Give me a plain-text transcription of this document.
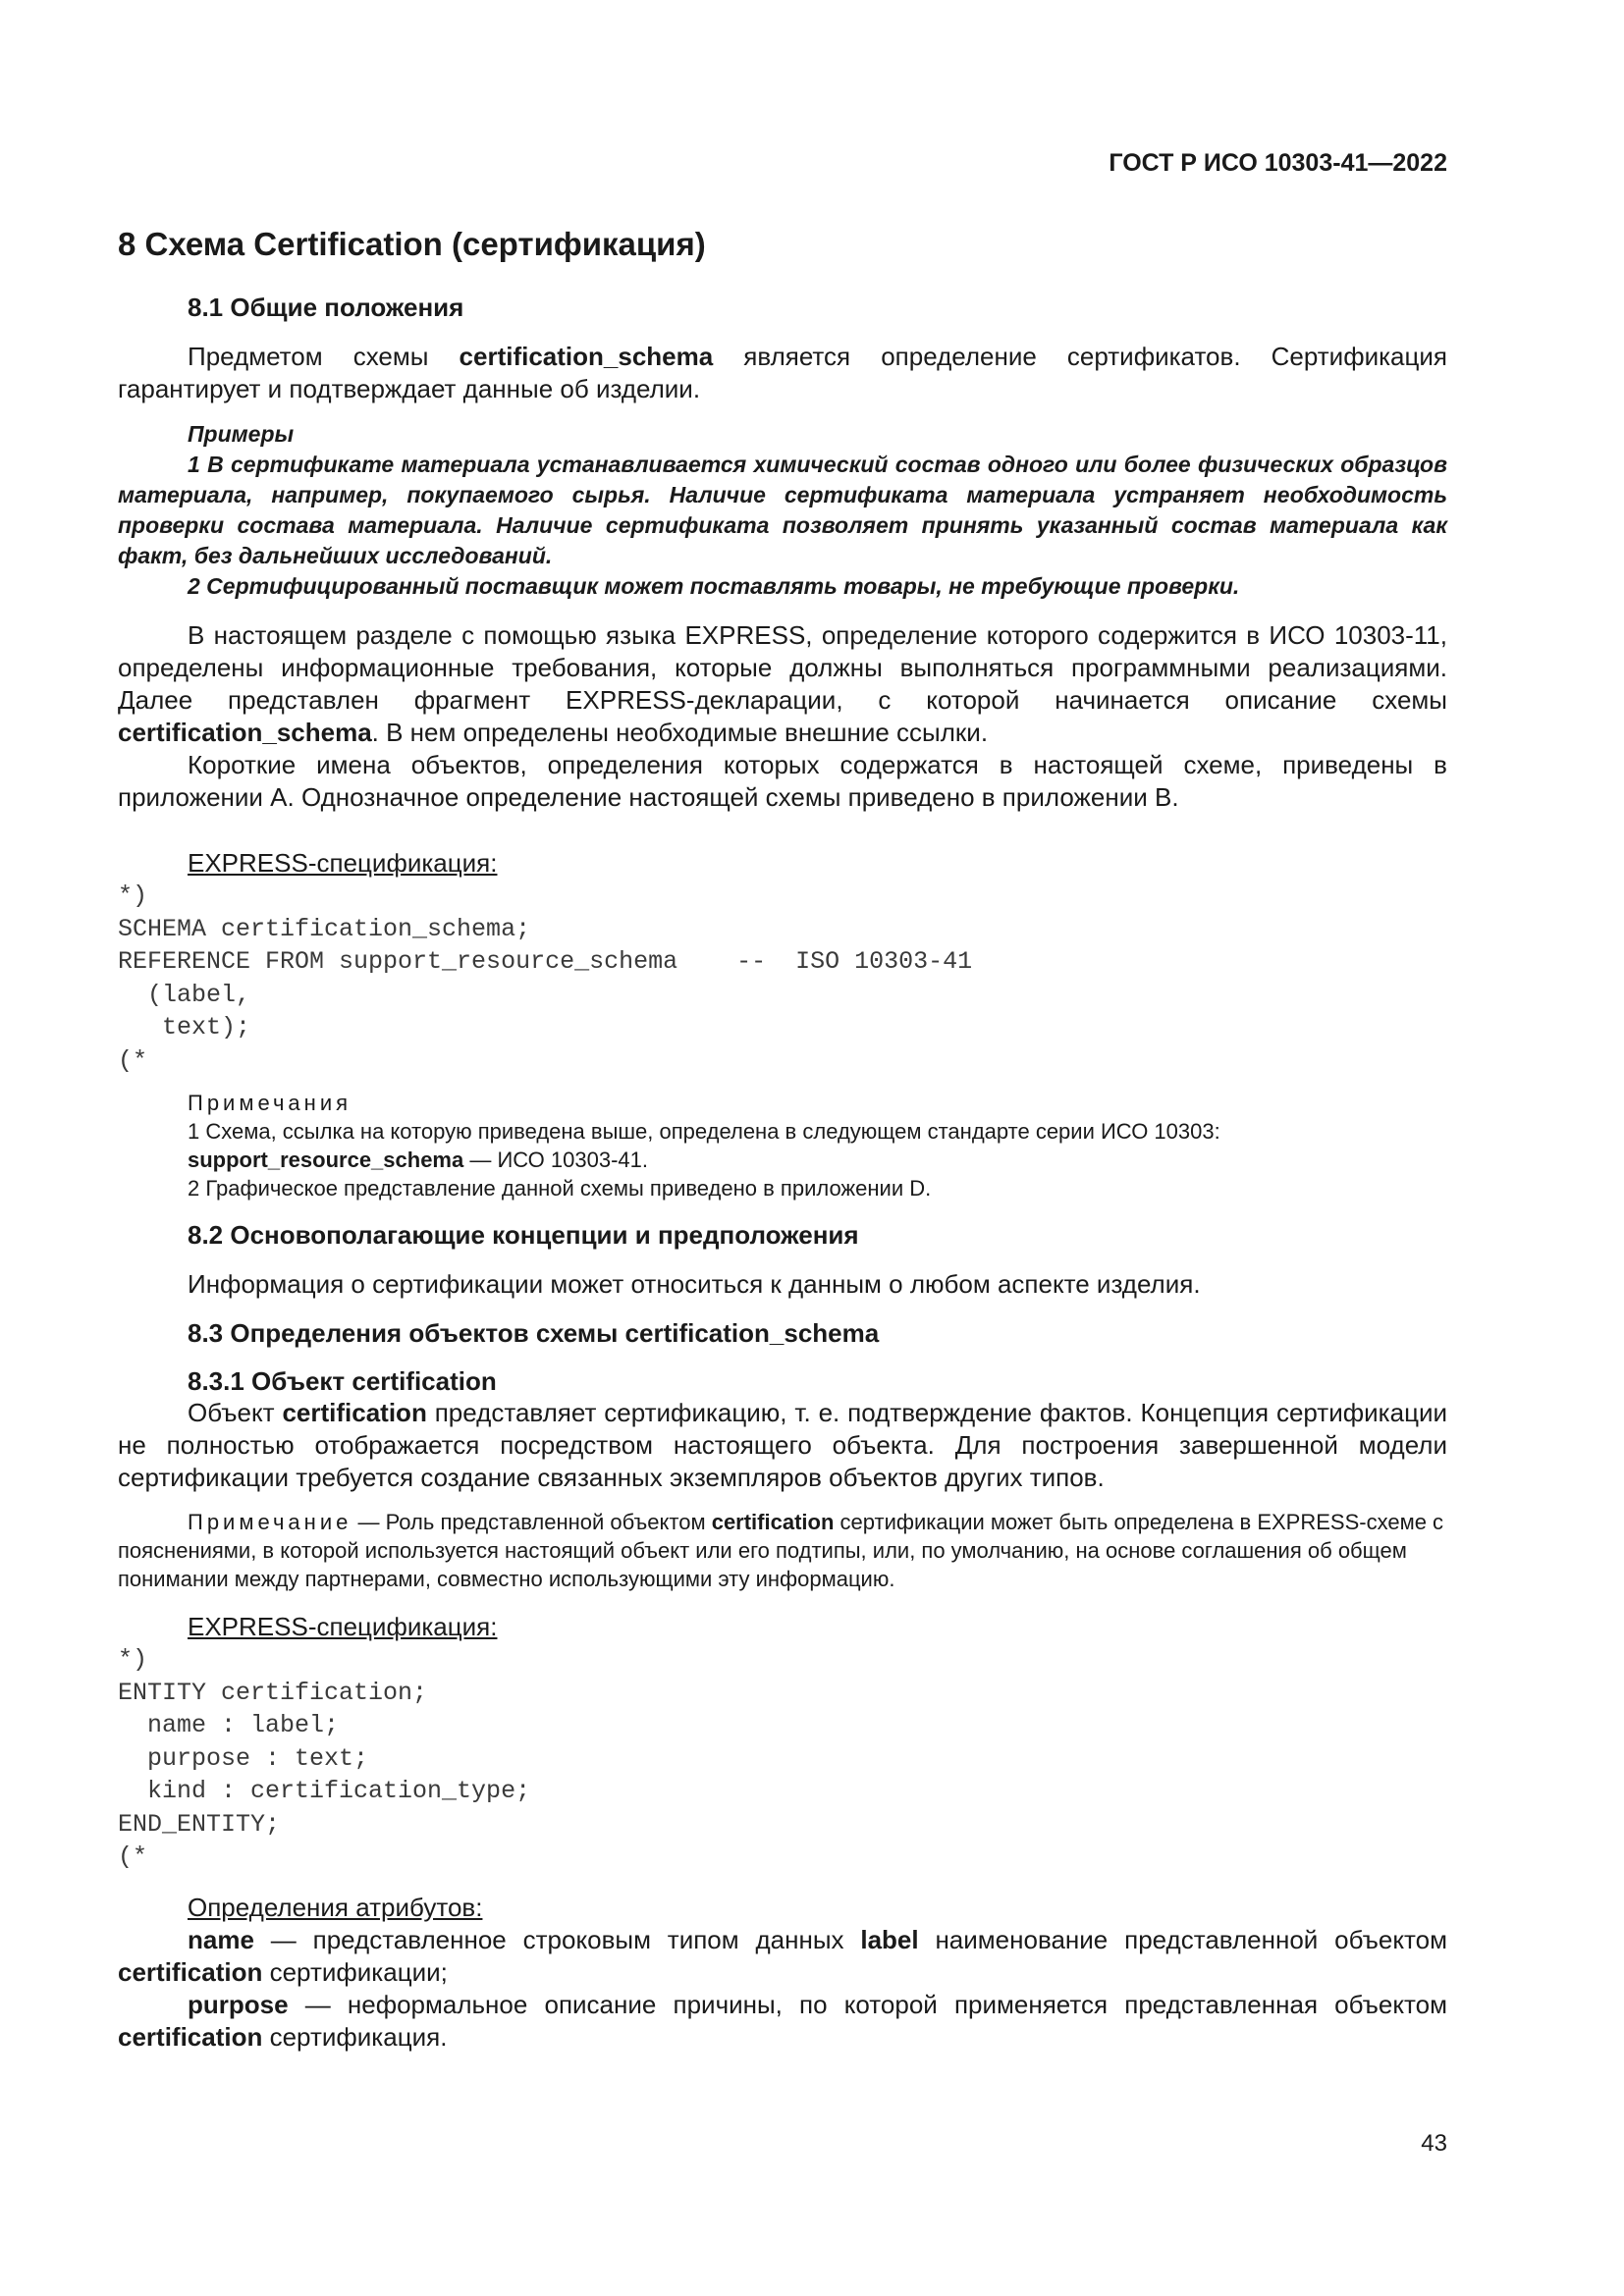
ГОСТ Р ИСО 10303-41—2022
8 Схема Certification (сертификация)
8.1 Общие положения

Предметом схемы certification_schema является определение сертификатов. Сертификация гарантирует и подтверждает данные об изделии.

Примеры

1 В сертификате материала устанавливается химический состав одного или более физических образцов материала, например, покупаемого сырья. Наличие сертификата материала устраняет необходимость проверки состава материала. Наличие сертификата позволяет принять указанный состав материала как факт, без дальнейших исследований.

2 Сертифицированный поставщик может поставлять товары, не требующие проверки.

В настоящем разделе с помощью языка EXPRESS, определение которого содержится в ИСО 10303-11, определены информационные требования, которые должны выполняться программными реализациями. Далее представлен фрагмент EXPRESS-декларации, с которой начинается описание схемы certification_schema. В нем определены необходимые внешние ссылки.

Короткие имена объектов, определения которых содержатся в настоящей схеме, приведены в приложении А. Однозначное определение настоящей схемы приведено в приложении В.

EXPRESS-спецификация:

*)
SCHEMA certification_schema;
REFERENCE FROM support_resource_schema    --  ISO 10303-41
(label,
text);
(*

Примечания

1 Схема, ссылка на которую приведена выше, определена в следующем стандарте серии ИСО 10303:
support_resource_schema — ИСО 10303-41.

2 Графическое представление данной схемы приведено в приложении D.

8.2 Основополагающие концепции и предположения

Информация о сертификации может относиться к данным о любом аспекте изделия.

8.3 Определения объектов схемы certification_schema
8.3.1 Объект certification

Объект certification представляет сертификацию, т. е. подтверждение фактов. Концепция сертификации не полностью отображается посредством настоящего объекта. Для построения завершенной модели сертификации требуется создание связанных экземпляров объектов других типов.

Примечание — Роль представленной объектом certification сертификации может быть определена в EXPRESS-схеме с пояснениями, в которой используется настоящий объект или его подтипы, или, по умолчанию, на основе соглашения об общем понимании между партнерами, совместно использующими эту информацию.

EXPRESS-спецификация:

*)
ENTITY certification;
name : label;
purpose : text;
kind : certification_type;
END_ENTITY;
(*

Определения атрибутов:

name — представленное строковым типом данных label наименование представленной объектом certification сертификации;

purpose — неформальное описание причины, по которой применяется представленная объектом certification сертификация.

43
